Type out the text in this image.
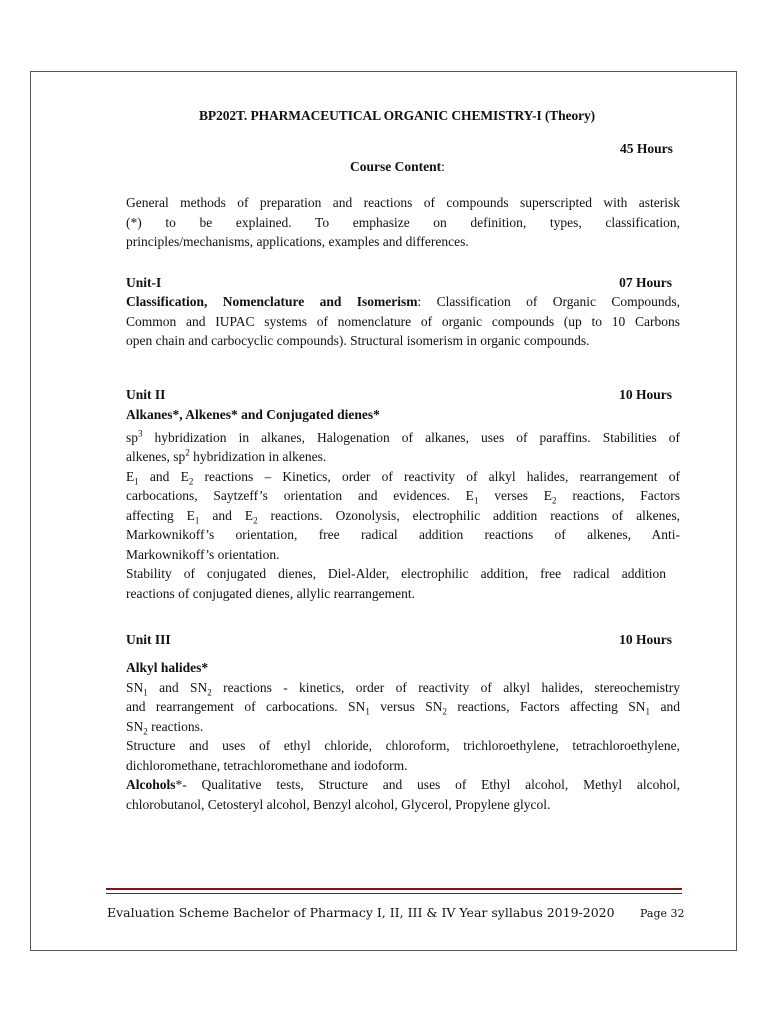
BP202T. PHARMACEUTICAL ORGANIC CHEMISTRY-I (Theory)
45 Hours
Course Content:
General methods of preparation and reactions of compounds superscripted with asterisk
(*) to be explained. To emphasize on definition, types, classification,
principles/mechanisms, applications, examples and differences.
Unit-I	07 Hours
Classification, Nomenclature and Isomerism: Classification of Organic Compounds,
Common and IUPAC systems of nomenclature of organic compounds (up to 10 Carbons
open chain and carbocyclic compounds). Structural isomerism in organic compounds.
Unit II	10 Hours
Alkanes*, Alkenes* and Conjugated dienes*
$sp^3$ hybridization in alkanes, Halogenation of alkanes, uses of paraffins. Stabilities of
alkenes, $sp^2$ hybridization in alkenes.
$E_1$ and $E_2$ reactions – Kinetics, order of reactivity of alkyl halides, rearrangement of
carbocations, Saytzeff’s orientation and evidences. $E_1$ verses $E_2$ reactions, Factors
affecting $E_1$ and $E_2$ reactions. Ozonolysis, electrophilic addition reactions of alkenes,
Markownikoff’s orientation, free radical addition reactions of alkenes, Anti-
Markownikoff’s orientation.
Stability of conjugated dienes, Diel-Alder, electrophilic addition, free radical addition
reactions of conjugated dienes, allylic rearrangement.
Unit III	10 Hours
Alkyl halides*
$SN_1$ and $SN_2$ reactions - kinetics, order of reactivity of alkyl halides, stereochemistry
and rearrangement of carbocations. $SN_1$ versus $SN_2$ reactions, Factors affecting $SN_1$ and
$SN_2$ reactions.
Structure and uses of ethyl chloride, chloroform, trichloroethylene, tetrachloroethylene,
dichloromethane, tetrachloromethane and iodoform.
Alcohols*- Qualitative tests, Structure and uses of Ethyl alcohol, Methyl alcohol,
chlorobutanol, Cetosteryl alcohol, Benzyl alcohol, Glycerol, Propylene glycol.
Evaluation Scheme Bachelor of Pharmacy I, II, III & IV Year syllabus 2019-2020 Page 32
